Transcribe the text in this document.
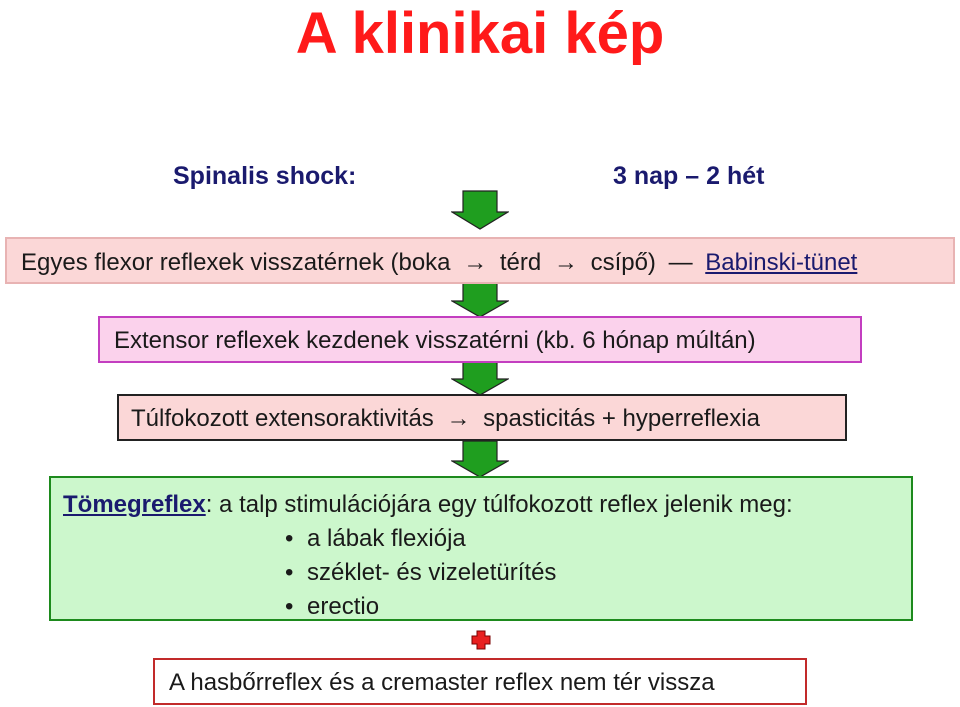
A klinikai kép
Spinalis shock:	3 nap – 2 hét
Egyes flexor reflexek visszatérnek (boka → térd → csípő) — Babinski-tünet
Extensor reflexek kezdenek visszatérni (kb. 6 hónap múltán)
Túlfokozott extensoraktivitás → spasticitás + hyperreflexia
Tömegreflex: a talp stimulációjára egy túlfokozott reflex jelenik meg:
• a lábak flexiója
• széklet- és vizeletürítés
• erectio
A hasbőrreflex és a cremaster reflex nem tér vissza
